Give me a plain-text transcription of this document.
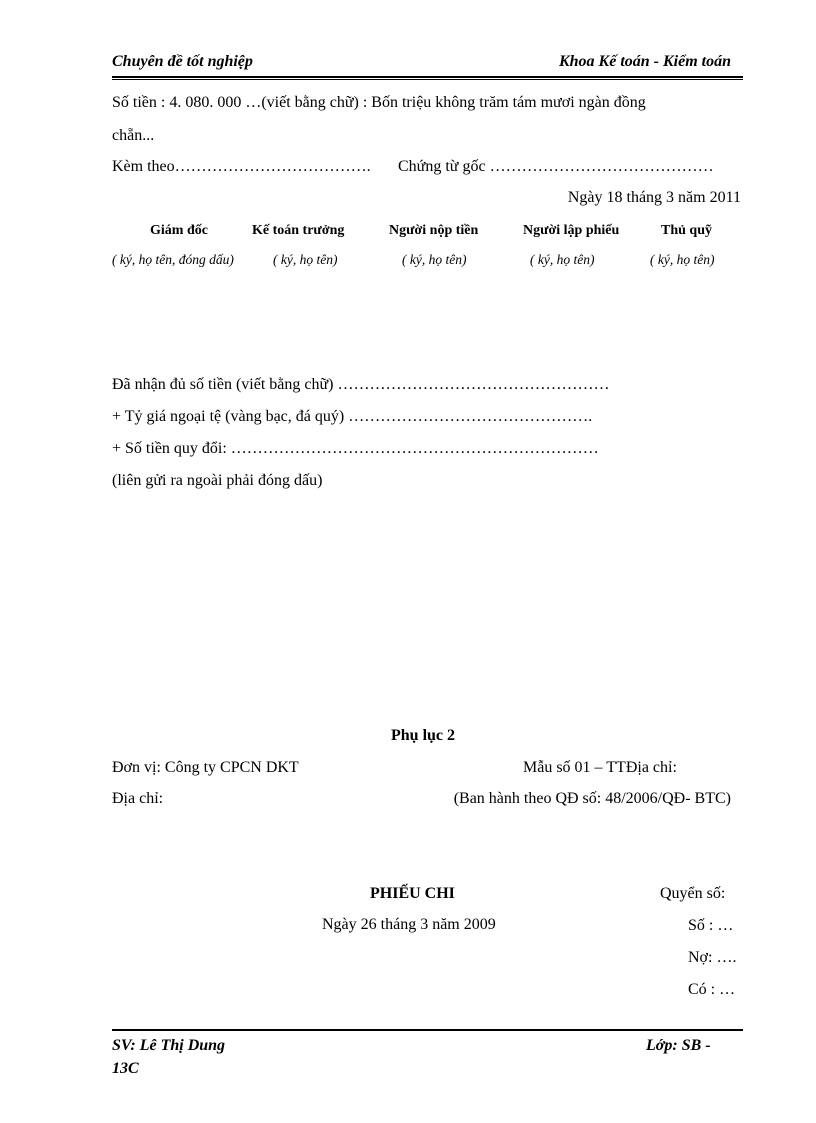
Chuyên đề tốt nghiệp	Khoa Kế toán - Kiểm toán
Số tiền : 4. 080. 000 …(viết bằng chữ) : Bốn triệu không trăm tám mươi ngàn đồng
chẵn...
Kèm theo………………………………. Chứng từ gốc ……………………………………
Ngày 18 tháng 3 năm 2011
Giám đốc	Kế toán trưởng	Người nộp tiền	Người lập phiếu	Thủ quỹ
( ký, họ tên, đóng dấu)	( ký, họ tên)	( ký, họ tên)	( ký, họ tên)	( ký, họ tên)
Đã nhận đủ số tiền (viết bằng chữ) ……………………………………………
+ Tỷ giá ngoại tệ (vàng bạc, đá quý) ……………………………………….
+ Số tiền quy đổi: ……………………………………………………………
(liên gửi ra ngoài phải đóng dấu)
Phụ lục 2
Đơn vị: Công ty CPCN DKT	Mẫu số 01 – TTĐịa chỉ:
Địa chỉ:	(Ban hành theo QĐ số: 48/2006/QĐ- BTC)
PHIẾU CHI	Quyển số:
Ngày 26 tháng 3 năm 2009	Số : …
Nợ: ….
Có : …
SV: Lê Thị Dung	Lớp: SB -
13C
